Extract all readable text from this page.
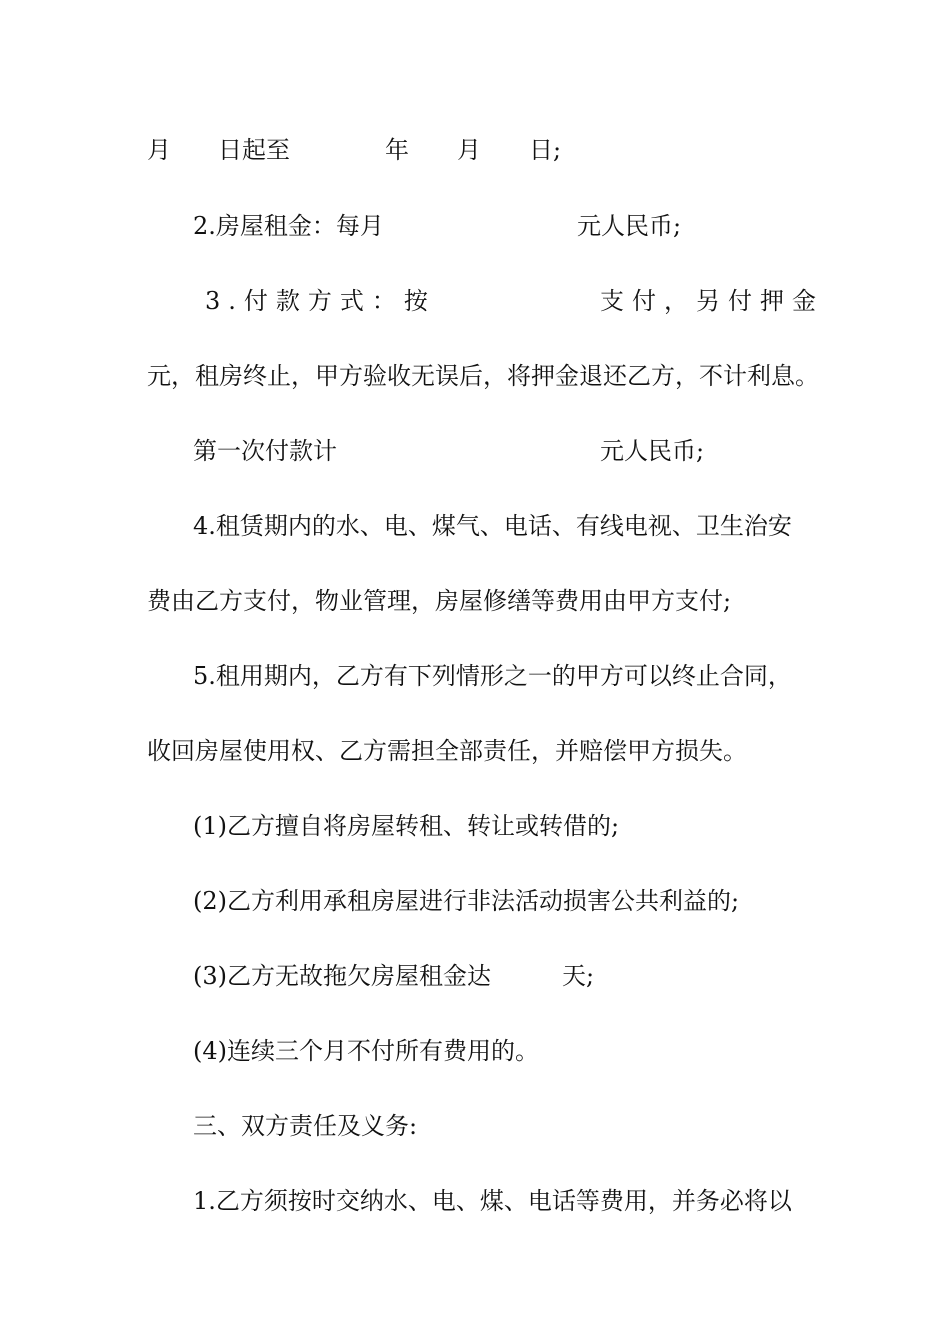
月 日起至	年 月 日;
2.房屋租金：每月	元人民币;
3.付款方式：按	支付，另付押金
元，租房终止，甲方验收无误后，将押金退还乙方，不计利息。
第一次付款计	元人民币;
4.租赁期内的水、电、煤气、电话、有线电视、卫生治安
费由乙方支付，物业管理，房屋修缮等费用由甲方支付;
5.租用期内，乙方有下列情形之一的甲方可以终止合同，
收回房屋使用权、乙方需担全部责任，并赔偿甲方损失。
(1)乙方擅自将房屋转租、转让或转借的;
(2)乙方利用承租房屋进行非法活动损害公共利益的;
(3)乙方无故拖欠房屋租金达	天;
(4)连续三个月不付所有费用的。
三、双方责任及义务:
1.乙方须按时交纳水、电、煤、电话等费用，并务必将以
